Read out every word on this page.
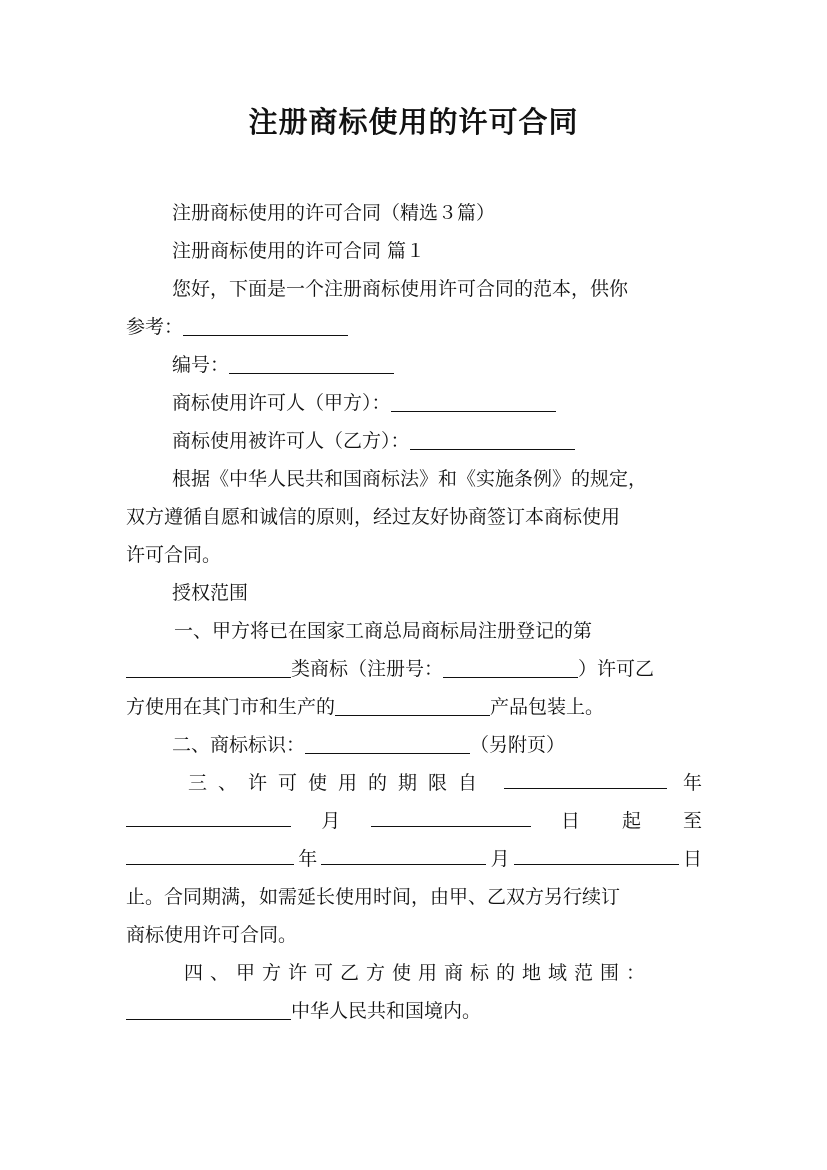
注册商标使用的许可合同
注册商标使用的许可合同（精选３篇）
注册商标使用的许可合同 篇１
您好，下面是一个注册商标使用许可合同的范本，供你
参考：
编号：
商标使用许可人（甲方）：
商标使用被许可人（乙方）：
根据《中华人民共和国商标法》和《实施条例》的规定，
双方遵循自愿和诚信的原则，经过友好协商签订本商标使用
许可合同。
授权范围
一、甲方将已在国家工商总局商标局注册登记的第
类商标（注册号：	）许可乙
方使用在其门市和生产的	产品包装上。
二、商标标识：	（另附页）
三、许可使用的期限自	年
月	日起至
年	月	日
止。合同期满，如需延长使用时间，由甲、乙双方另行续订
商标使用许可合同。
四、甲方许可乙方使用商标的地域范围：
中华人民共和国境内。
